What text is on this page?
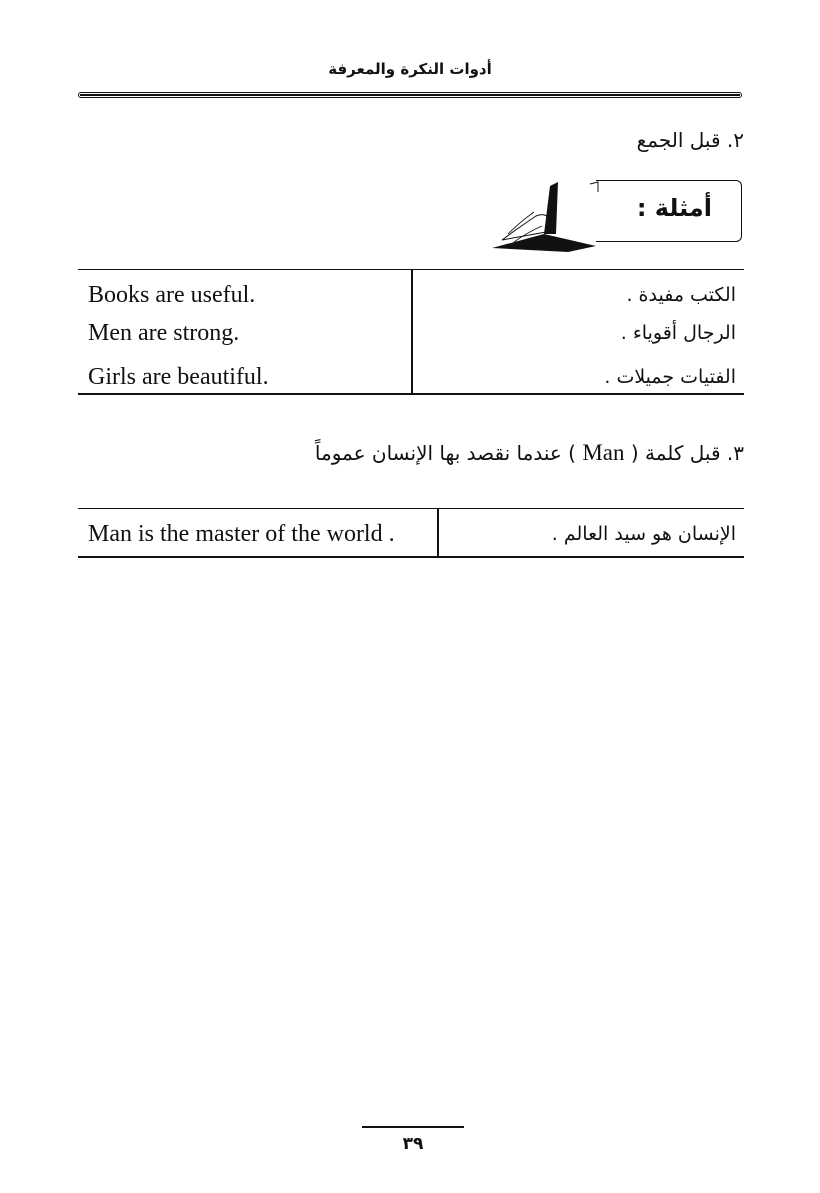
أدوات النكرة والمعرفة
٢. قبل الجمع
أمثلة :
Books are useful.	الكتب مفيدة .
Men are strong.	الرجال أقوياء .
Girls are beautiful.	الفتيات جميلات .
٣. قبل كلمة ( Man ) عندما نقصد بها الإنسان عموماً
Man is the master of the world .	الإنسان هو سيد العالم .
٣٩
